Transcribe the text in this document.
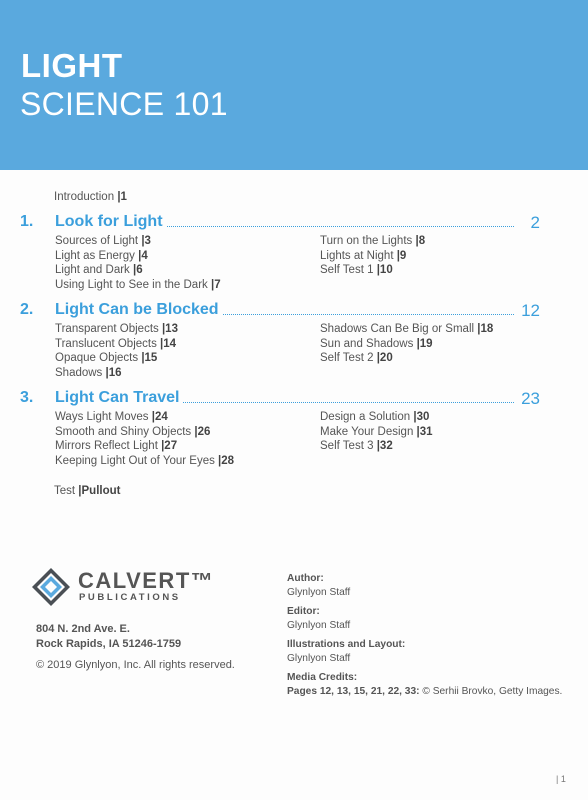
LIGHT
SCIENCE 101
Introduction |1
1. Look for Light	2
Sources of Light |3
Light as Energy |4
Light and Dark |6
Using Light to See in the Dark |7
Turn on the Lights |8
Lights at Night |9
Self Test 1 |10
2. Light Can be Blocked	12
Transparent Objects |13
Translucent Objects |14
Opaque Objects |15
Shadows |16
Shadows Can Be Big or Small |18
Sun and Shadows |19
Self Test 2 |20
3. Light Can Travel	23
Ways Light Moves |24
Smooth and Shiny Objects |26
Mirrors Reflect Light |27
Keeping Light Out of Your Eyes |28
Design a Solution |30
Make Your Design |31
Self Test 3 |32
Test |Pullout
CALVERT™
PUBLICATIONS
804 N. 2nd Ave. E.
Rock Rapids, IA 51246-1759
© 2019 Glynlyon, Inc. All rights reserved.
Author:
Glynlyon Staff
Editor:
Glynlyon Staff
Illustrations and Layout:
Glynlyon Staff
Media Credits:
Pages 12, 13, 15, 21, 22, 33: © Serhii Brovko, Getty Images.
| 1
